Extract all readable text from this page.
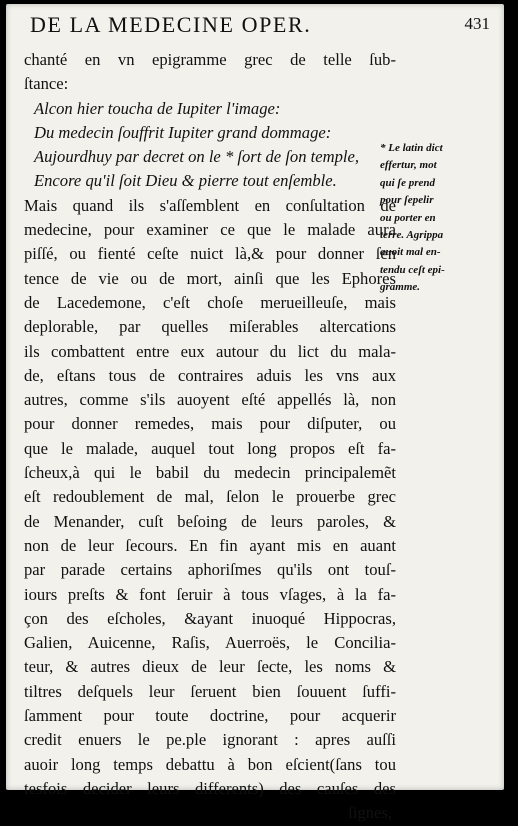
DE LA MEDECINE OPER.	431
chanté en vn epigramme grec de telle ſub-
ſtance:
Alcon hier toucha de Iupiter l'image:
Du medecin ſouffrit Iupiter grand dommage:
Aujourdhuy par decret on le * ſort de ſon temple,
Encore qu'il ſoit Dieu & pierre tout enſemble.
Mais quand ils s'aſſemblent en conſultation de
medecine, pour examiner ce que le malade aura
piſſé, ou fienté ceſte nuict là,& pour donner ſen
tence de vie ou de mort, ainſi que les Ephores
de Lacedemone, c'eſt choſe merueilleuſe, mais
deplorable, par quelles miſerables altercations
ils combattent entre eux autour du lict du mala-
de, eſtans tous de contraires aduis les vns aux
autres, comme s'ils auoyent eſté appellés là, non
pour donner remedes, mais pour diſputer, ou
que le malade, auquel tout long propos eſt fa-
ſcheux,à qui le babil du medecin principalemẽt
eſt redoublement de mal, ſelon le prouerbe grec
de Menander, cuſt beſoing de leurs paroles, &
non de leur ſecours. En fin ayant mis en auant
par parade certains aphoriſmes qu'ils ont touſ-
iours preſts & font ſeruir à tous vſages, à la fa-
çon des eſcholes, &ayant inuoqué Hippocras,
Galien, Auicenne, Raſis, Auerroës, le Concilia-
teur, & autres dieux de leur ſecte, les noms &
tiltres deſquels leur ſeruent bien ſouuent ſuffi-
ſamment pour toute doctrine, pour acquerir
credit enuers le pe.ple ignorant : apres auſſi
auoir long temps debattu à bon eſcient(ſans tou
tesfois decider leurs differents) des cauſes des
ſignes,
* Le latin dict
effertur, mot
qui ſe prend
pour ſepelir
ou porter en
terre. Agrippa
auoit mal en-
tendu ceſt epi-
gramme.
